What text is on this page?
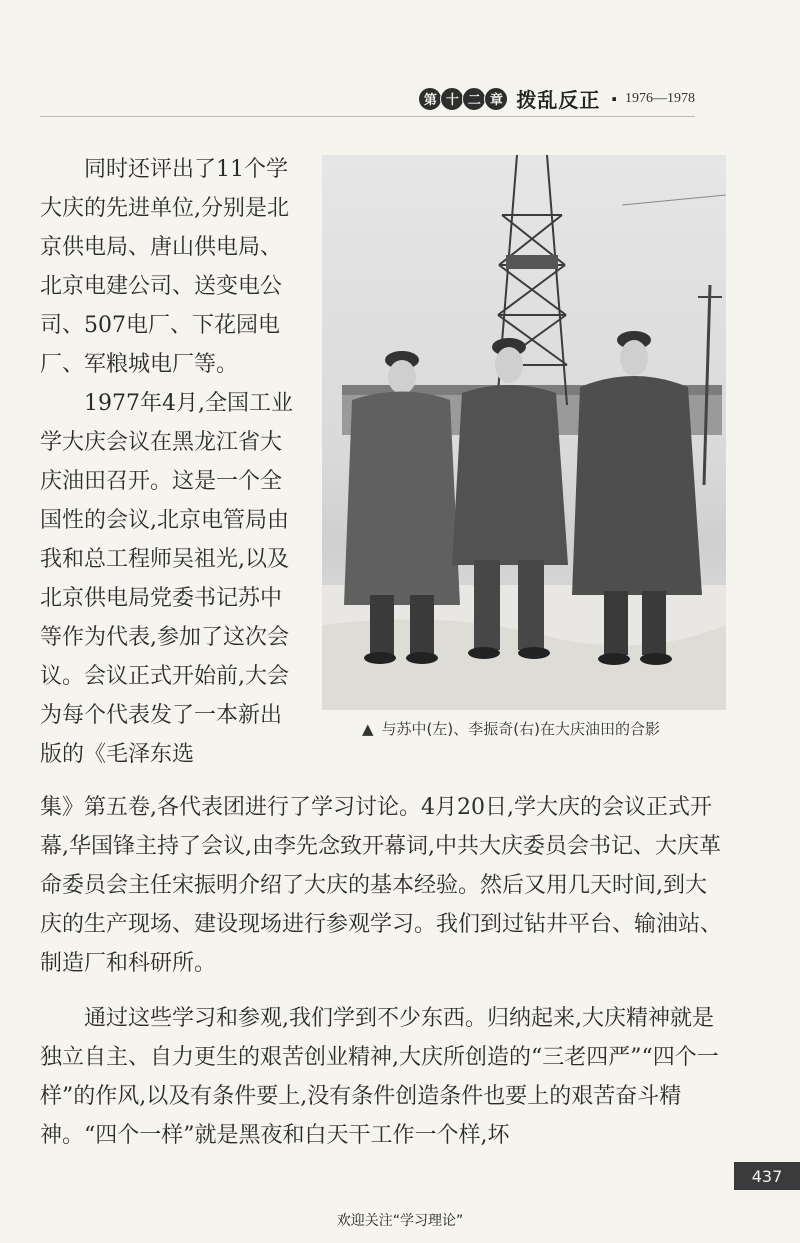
第 十 二 章 拨乱反正 · 1976—1978

同时还评出了11个学大庆的先进单位,分别是北京供电局、唐山供电局、北京电建公司、送变电公司、507电厂、下花园电厂、军粮城电厂等。

1977年4月,全国工业学大庆会议在黑龙江省大庆油田召开。这是一个全国性的会议,北京电管局由我和总工程师吴祖光,以及北京供电局党委书记苏中等作为代表,参加了这次会议。会议正式开始前,大会为每个代表发了一本新出版的《毛泽东选

▲ 与苏中(左)、李振奇(右)在大庆油田的合影

集》第五卷,各代表团进行了学习讨论。4月20日,学大庆的会议正式开幕,华国锋主持了会议,由李先念致开幕词,中共大庆委员会书记、大庆革命委员会主任宋振明介绍了大庆的基本经验。然后又用几天时间,到大庆的生产现场、建设现场进行参观学习。我们到过钻井平台、输油站、制造厂和科研所。

通过这些学习和参观,我们学到不少东西。归纳起来,大庆精神就是独立自主、自力更生的艰苦创业精神,大庆所创造的“三老四严”“四个一样”的作风,以及有条件要上,没有条件创造条件也要上的艰苦奋斗精神。“四个一样”就是黑夜和白天干工作一个样,坏

437
欢迎关注“学习理论”
